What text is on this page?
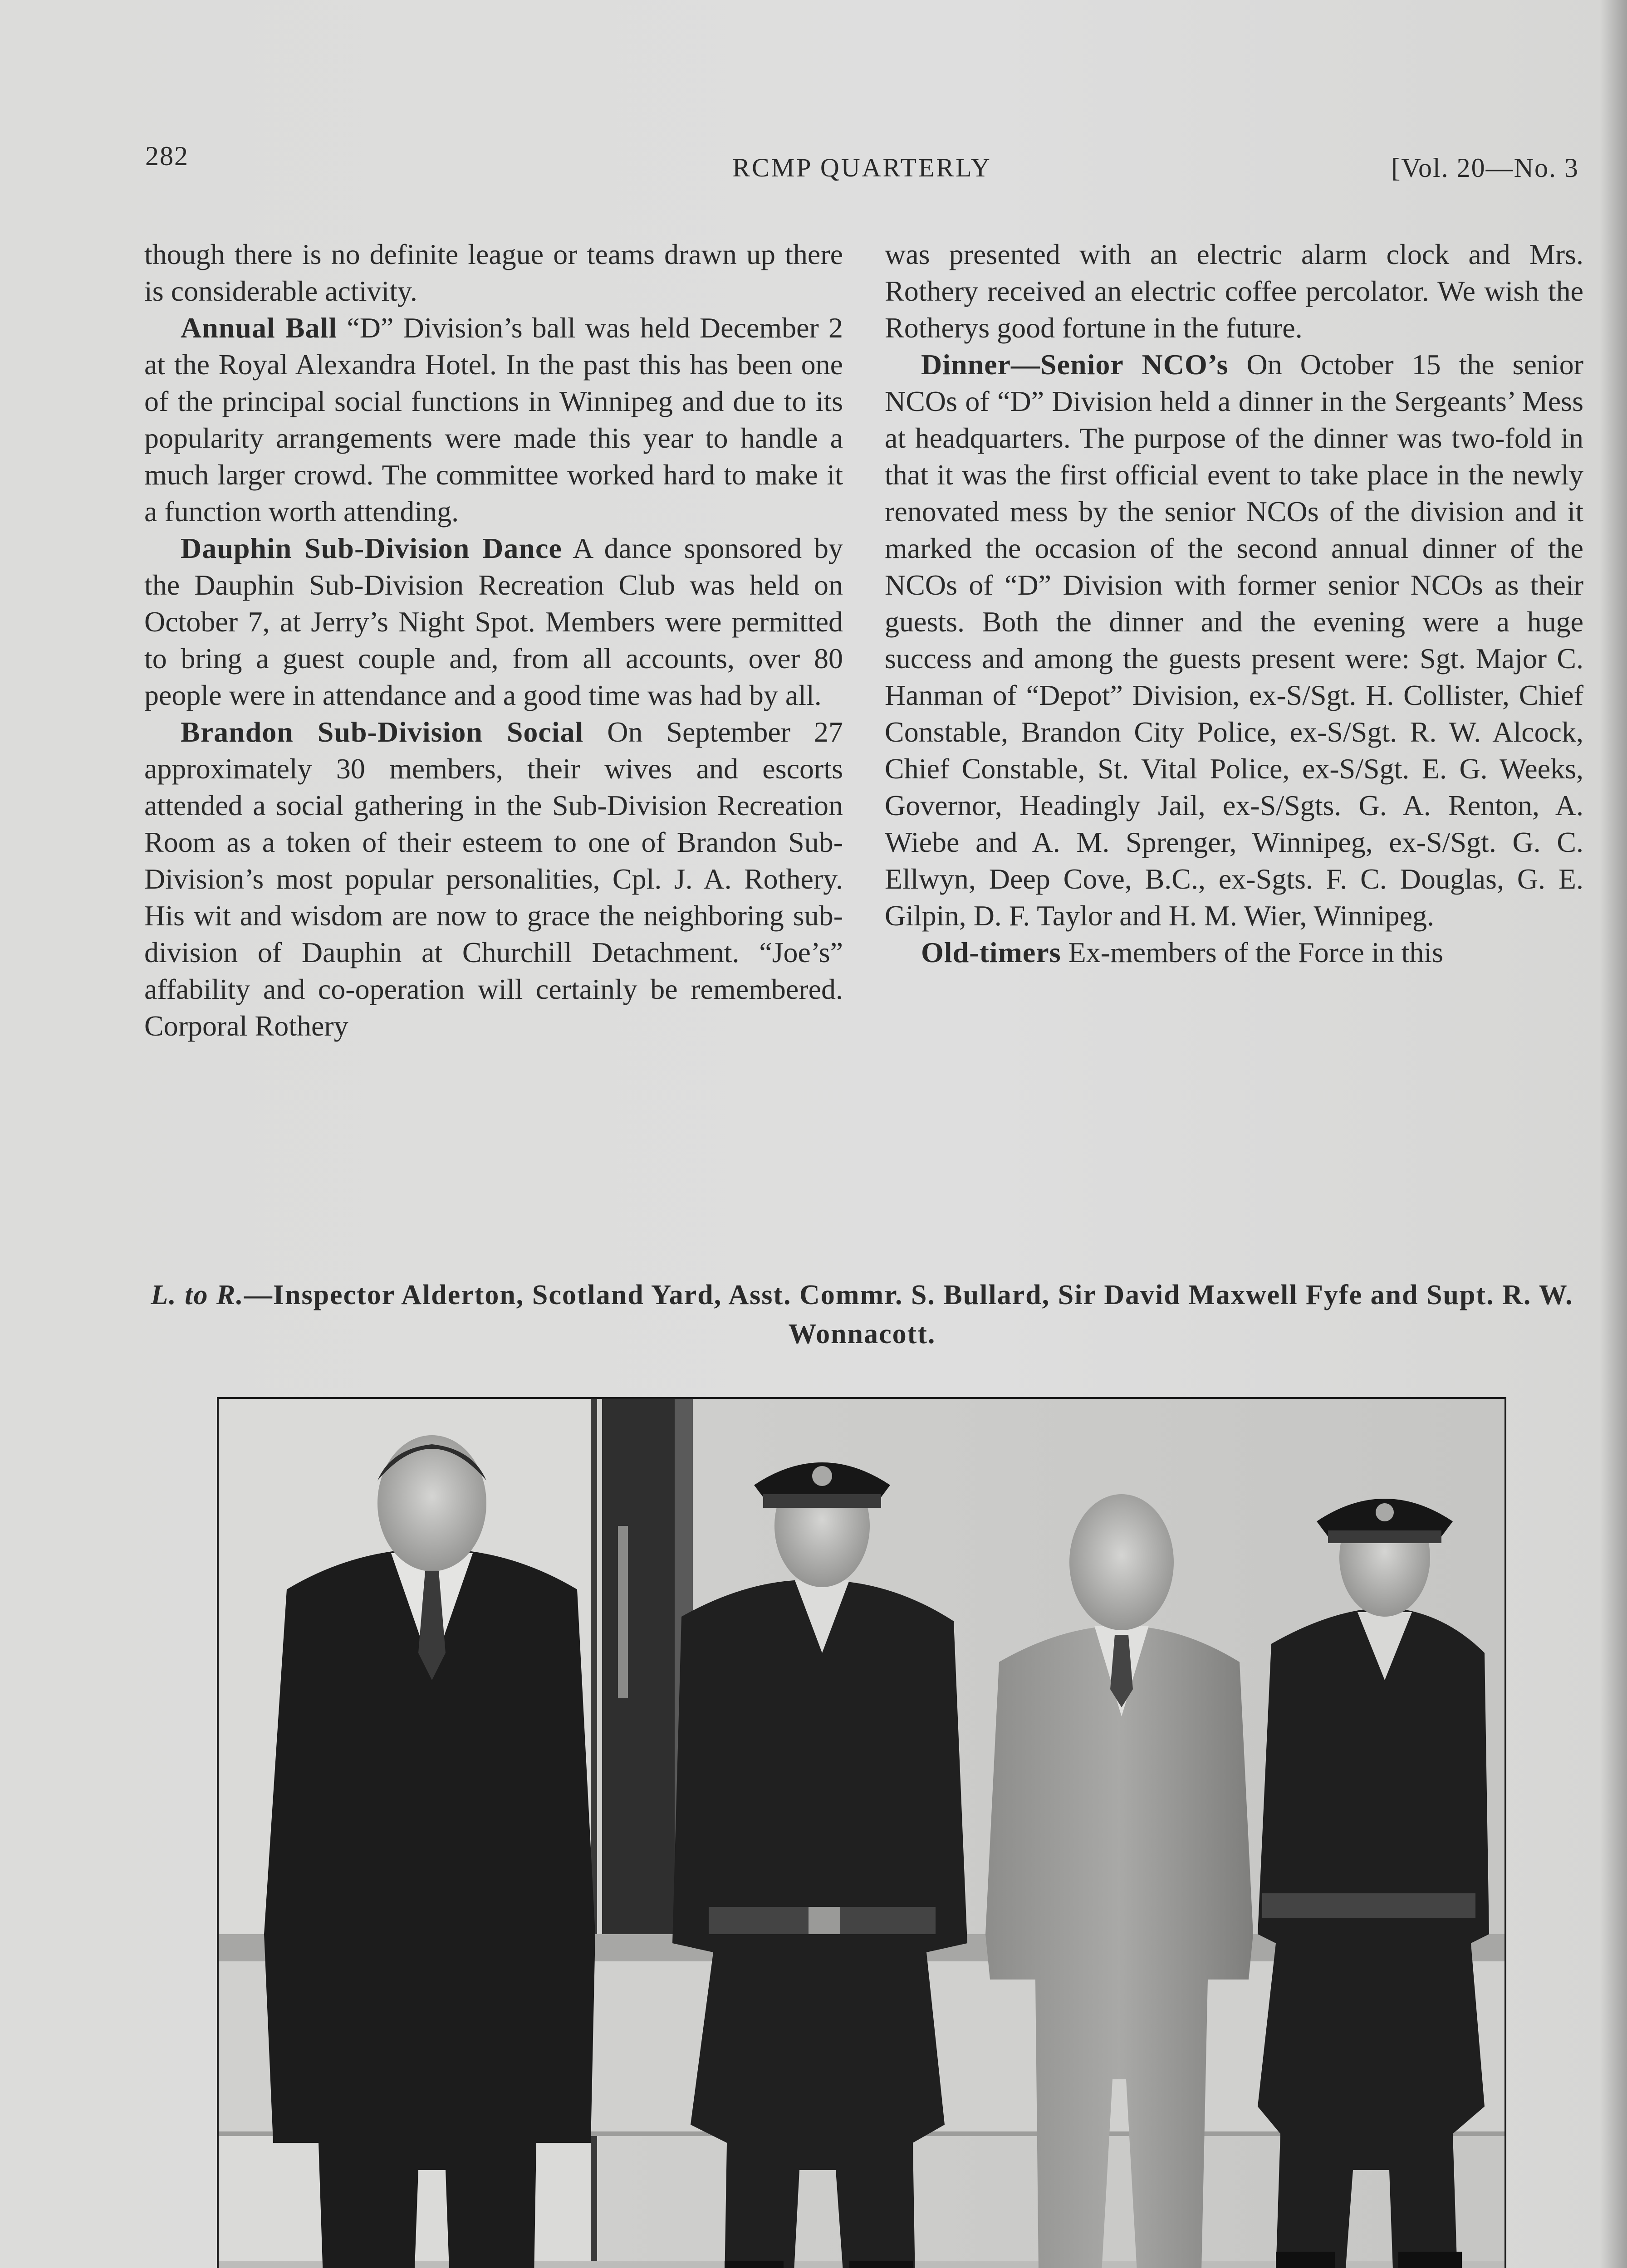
282	RCMP QUARTERLY	[Vol. 20—No. 3

though there is no definite league or teams drawn up there is considerable activity.

Annual Ball “D” Division’s ball was held December 2 at the Royal Alexandra Hotel. In the past this has been one of the principal social functions in Winnipeg and due to its popularity arrangements were made this year to handle a much larger crowd. The committee worked hard to make it a function worth attending.

Dauphin Sub-Division Dance A dance sponsored by the Dauphin Sub-Division Recreation Club was held on October 7, at Jerry’s Night Spot. Members were permitted to bring a guest couple and, from all accounts, over 80 people were in attendance and a good time was had by all.

Brandon Sub-Division Social On September 27 approximately 30 members, their wives and escorts attended a social gathering in the Sub-Division Recreation Room as a token of their esteem to one of Brandon Sub-Division’s most popular personalities, Cpl. J. A. Rothery. His wit and wisdom are now to grace the neighboring sub-division of Dauphin at Churchill Detachment. “Joe’s” affability and co-operation will certainly be remembered. Corporal Rothery

was presented with an electric alarm clock and Mrs. Rothery received an electric coffee percolator. We wish the Rotherys good fortune in the future.

Dinner—Senior NCO’s On October 15 the senior NCOs of “D” Division held a dinner in the Sergeants’ Mess at headquarters. The purpose of the dinner was two-fold in that it was the first official event to take place in the newly renovated mess by the senior NCOs of the division and it marked the occasion of the second annual dinner of the NCOs of “D” Division with former senior NCOs as their guests. Both the dinner and the evening were a huge success and among the guests present were: Sgt. Major C. Hanman of “Depot” Division, ex-S/Sgt. H. Collister, Chief Constable, Brandon City Police, ex-S/Sgt. R. W. Alcock, Chief Constable, St. Vital Police, ex-S/Sgt. E. G. Weeks, Governor, Headingly Jail, ex-S/Sgts. G. A. Renton, A. Wiebe and A. M. Sprenger, Winnipeg, ex-S/Sgt. G. C. Ellwyn, Deep Cove, B.C., ex-Sgts. F. C. Douglas, G. E. Gilpin, D. F. Taylor and H. M. Wier, Winnipeg.

Old-timers Ex-members of the Force in this

L. to R.—Inspector Alderton, Scotland Yard, Asst. Commr. S. Bullard, Sir David Maxwell Fyfe and Supt. R. W. Wonnacott.
